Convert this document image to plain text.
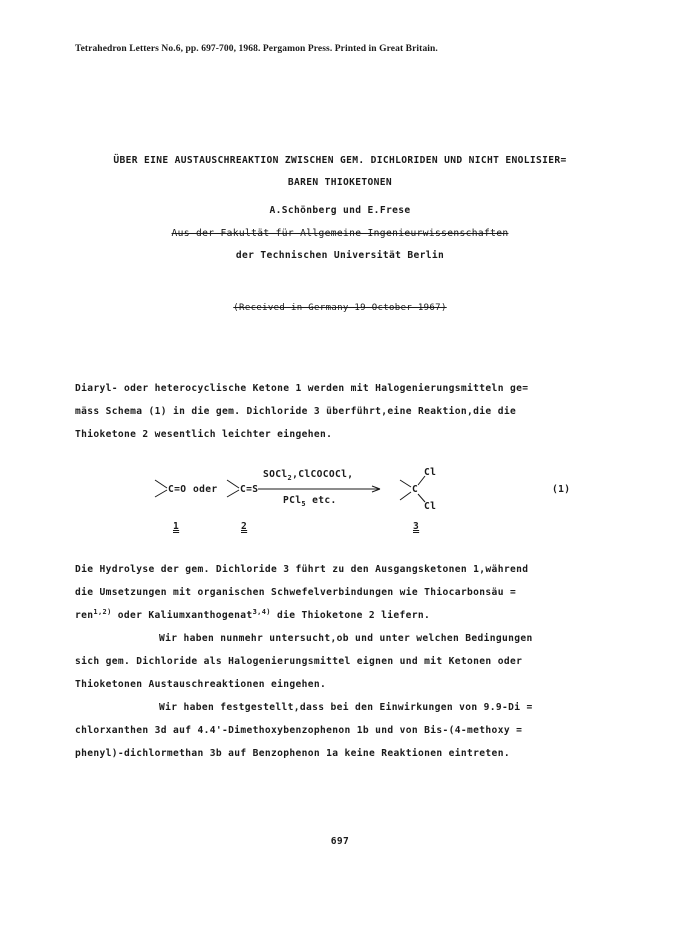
Tetrahedron Letters No.6, pp. 697-700, 1968. Pergamon Press. Printed in Great Britain.
ÜBER EINE AUSTAUSCHREAKTION ZWISCHEN GEM. DICHLORIDEN UND NICHT ENOLISIER=
BAREN THIOKETONEN
A.Schönberg und E.Frese
Aus der Fakultät für Allgemeine Ingenieurwissenschaften
der Technischen Universität Berlin
(Received in Germany 19 October 1967)
Diaryl- oder heterocyclische Ketone 1 werden mit Halogenierungsmitteln ge=
mäss Schema (1) in die gem. Dichloride 3 überführt,eine Reaktion,die die
Thioketone 2 wesentlich leichter eingehen.
C=O oder C=S
SOCl$_2$,ClCOCOCl,
PCl$_5$ etc.
C
Cl
Cl
(1)
1	2	3
Die Hydrolyse der gem. Dichloride 3 führt zu den Ausgangsketonen 1,während
die Umsetzungen mit organischen Schwefelverbindungen wie Thiocarbonsäu =
ren$^{1,2)}$ oder Kaliumxanthogenat$^{3,4)}$ die Thioketone 2 liefern.
Wir haben nunmehr untersucht,ob und unter welchen Bedingungen
sich gem. Dichloride als Halogenierungsmittel eignen und mit Ketonen oder
Thioketonen Austauschreaktionen eingehen.
Wir haben festgestellt,dass bei den Einwirkungen von 9.9-Di =
chlorxanthen 3d auf 4.4'-Dimethoxybenzophenon 1b und von Bis-(4-methoxy =
phenyl)-dichlormethan 3b auf Benzophenon 1a keine Reaktionen eintreten.
697
